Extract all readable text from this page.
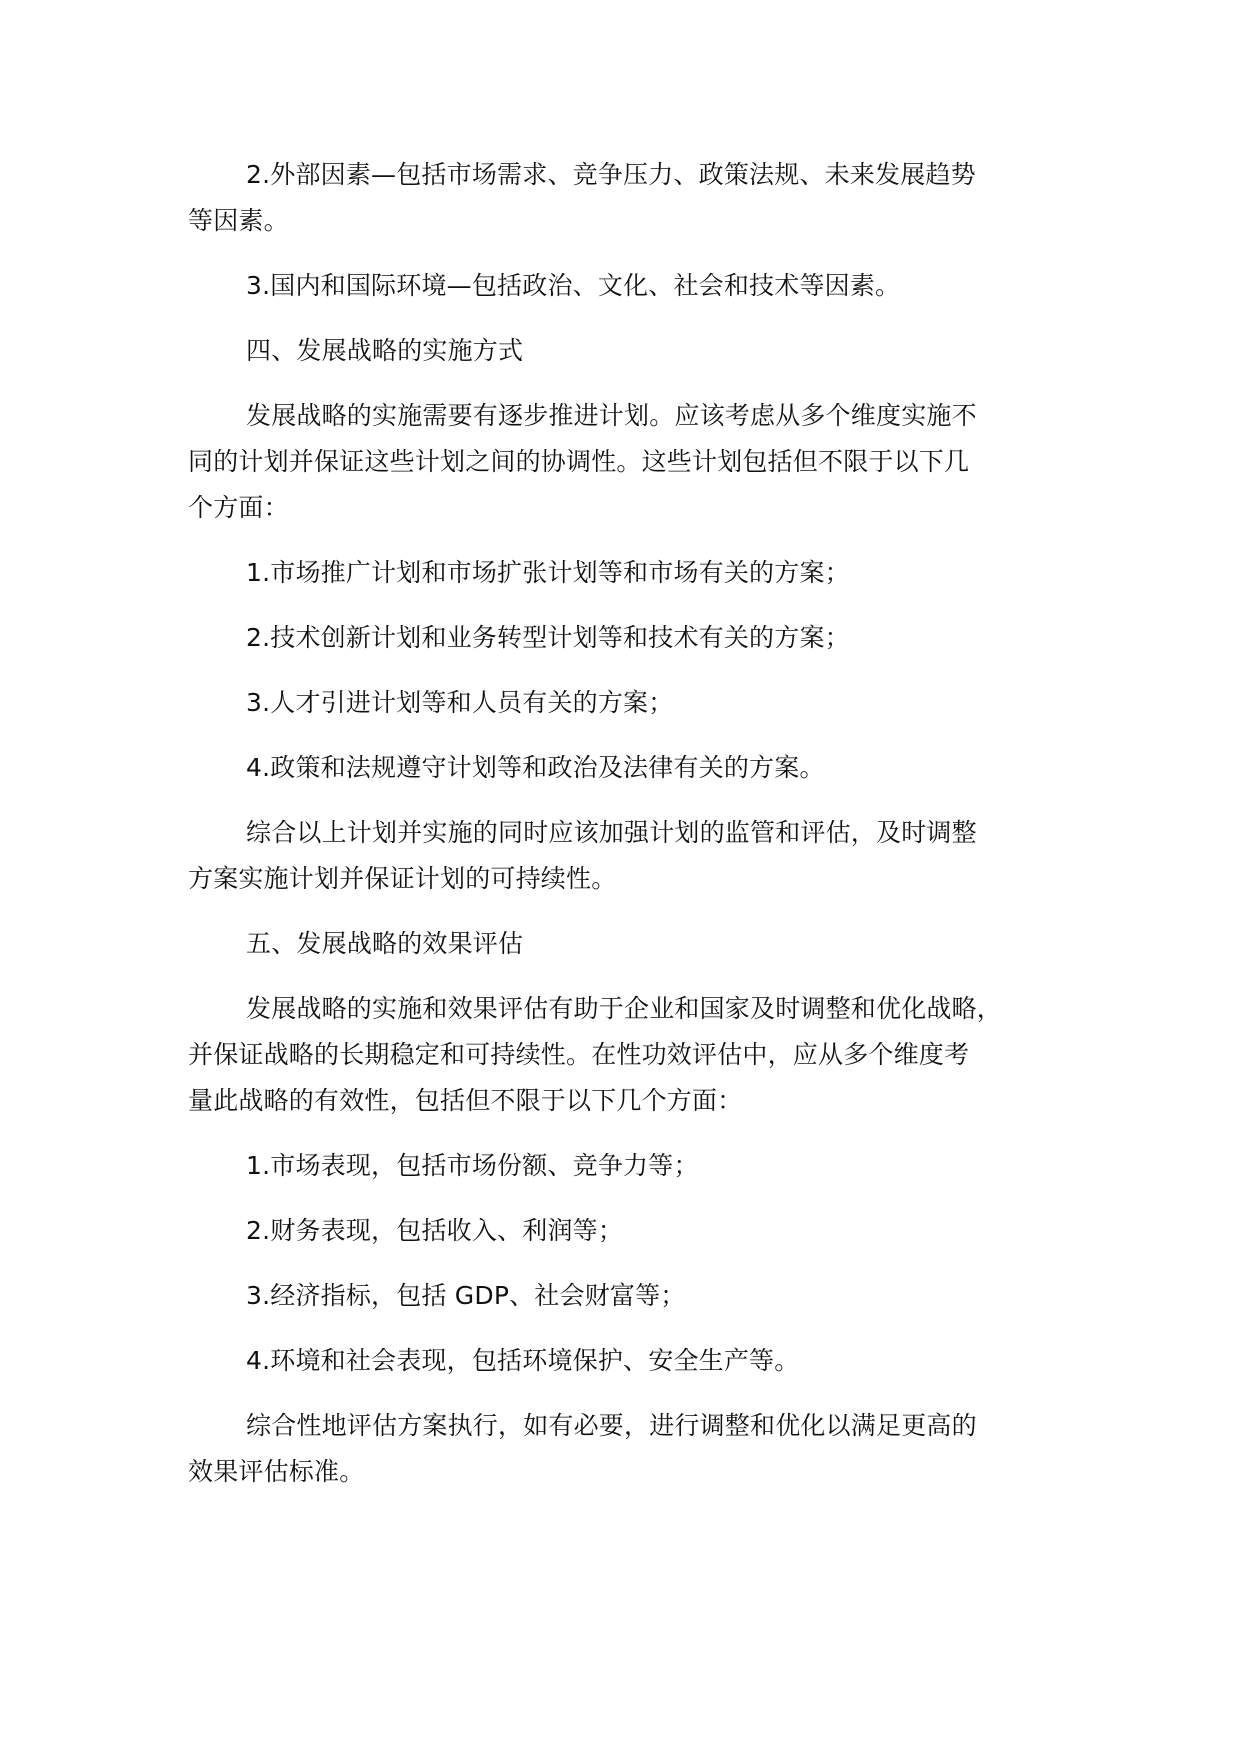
2.外部因素—包括市场需求、竞争压力、政策法规、未来发展趋势
等因素。

3.国内和国际环境—包括政治、文化、社会和技术等因素。

四、发展战略的实施方式

发展战略的实施需要有逐步推进计划。应该考虑从多个维度实施不
同的计划并保证这些计划之间的协调性。这些计划包括但不限于以下几
个方面：

1.市场推广计划和市场扩张计划等和市场有关的方案；

2.技术创新计划和业务转型计划等和技术有关的方案；

3.人才引进计划等和人员有关的方案；

4.政策和法规遵守计划等和政治及法律有关的方案。

综合以上计划并实施的同时应该加强计划的监管和评估，及时调整
方案实施计划并保证计划的可持续性。

五、发展战略的效果评估

发展战略的实施和效果评估有助于企业和国家及时调整和优化战略，
并保证战略的长期稳定和可持续性。在性功效评估中，应从多个维度考
量此战略的有效性，包括但不限于以下几个方面：

1.市场表现，包括市场份额、竞争力等；

2.财务表现，包括收入、利润等；

3.经济指标，包括 GDP、社会财富等；

4.环境和社会表现，包括环境保护、安全生产等。

综合性地评估方案执行，如有必要，进行调整和优化以满足更高的
效果评估标准。
